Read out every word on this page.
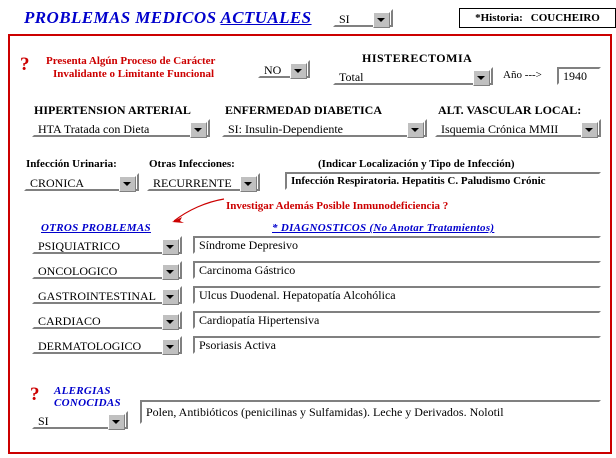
PROBLEMAS MEDICOS ACTUALES SI	*Historia: COUCHEIRO
? Presenta Algún Proceso de Carácter
Invalidante o Limitante Funcional	NO
HISTERECTOMIA
Total	Año --->	1940
HIPERTENSION ARTERIAL
HTA Tratada con Dieta
ENFERMEDAD DIABETICA
SI: Insulin-Dependiente
ALT. VASCULAR LOCAL:
Isquemia Crónica MMII
Infección Urinaria:
CRONICA
Otras Infecciones:
RECURRENTE
(Indicar Localización y Tipo de Infección)
Infección Respiratoria. Hepatitis C. Paludismo Crónic
Investigar Además Posible Inmunodeficiencia ?
OTROS PROBLEMAS	* DIAGNOSTICOS (No Anotar Tratamientos)
PSIQUIATRICO	Síndrome Depresivo
ONCOLOGICO	Carcinoma Gástrico
GASTROINTESTINAL	Ulcus Duodenal. Hepatopatía Alcohólica
CARDIACO	Cardiopatía Hipertensiva
DERMATOLOGICO	Psoriasis Activa
? ALERGIAS
CONOCIDAS
SI
Polen, Antibióticos (penicilinas y Sulfamidas). Leche y Derivados. Nolotil
